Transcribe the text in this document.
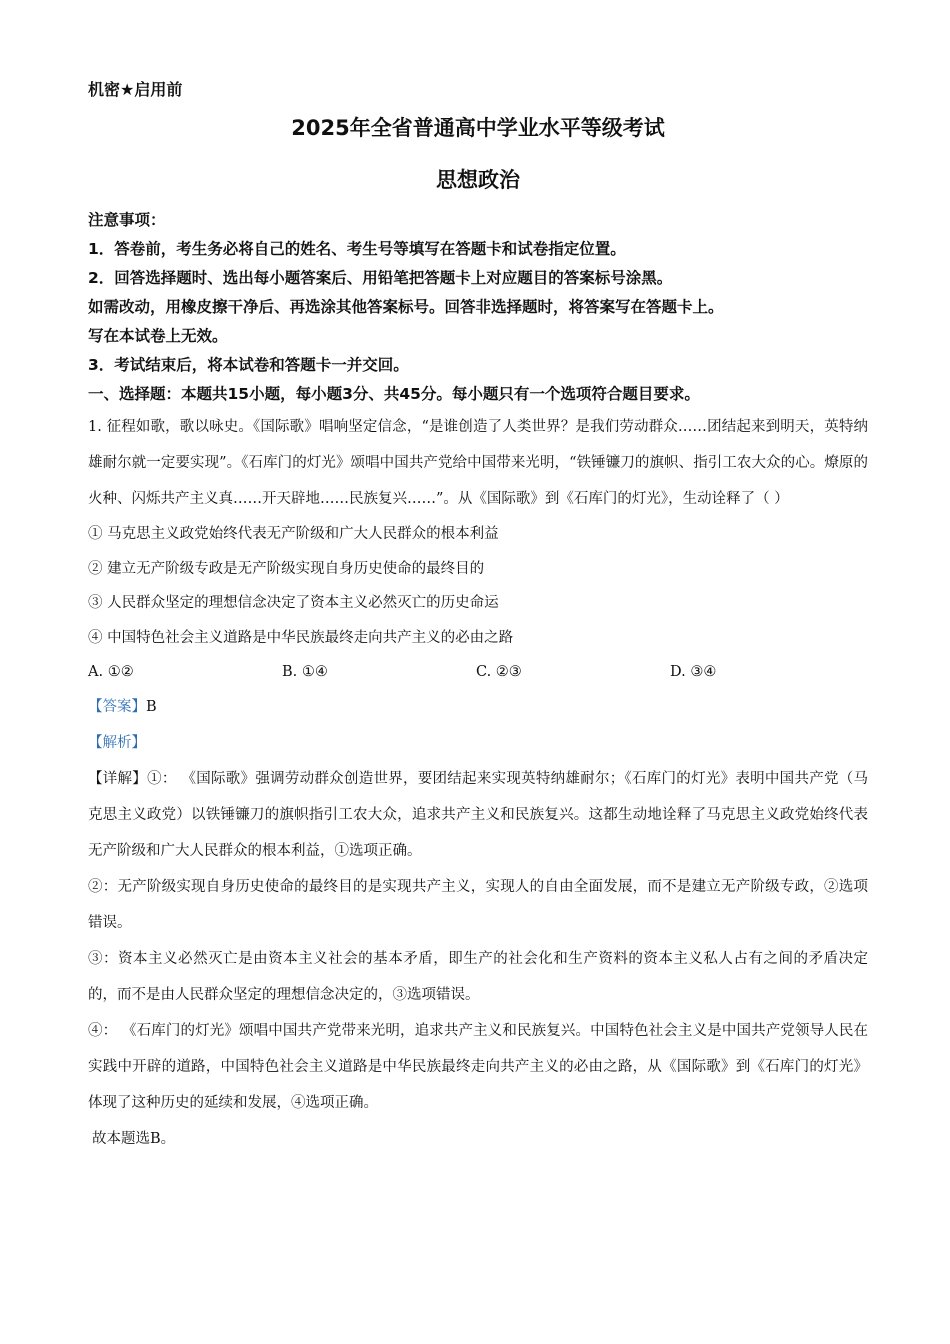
机密★启用前
2025年全省普通高中学业水平等级考试
思想政治
注意事项：
1．答卷前，考生务必将自己的姓名、考生号等填写在答题卡和试卷指定位置。
2．回答选择题时、选出每小题答案后、用铅笔把答题卡上对应题目的答案标号涂黑。
如需改动，用橡皮擦干净后、再选涂其他答案标号。回答非选择题时，将答案写在答题卡上。
写在本试卷上无效。
3．考试结束后，将本试卷和答题卡一并交回。
一、选择题：本题共15小题，每小题3分、共45分。每小题只有一个选项符合题目要求。
1. 征程如歌，歌以咏史。《国际歌》唱响坚定信念，“是谁创造了人类世界？是我们劳动群众……团结起来到明天，英特纳雄耐尔就一定要实现”。《石库门的灯光》颂唱中国共产党给中国带来光明，“铁锤镰刀的旗帜、指引工农大众的心。燎原的火种、闪烁共产主义真……开天辟地……民族复兴……”。从《国际歌》到《石库门的灯光》，生动诠释了（ ）
① 马克思主义政党始终代表无产阶级和广大人民群众的根本利益
② 建立无产阶级专政是无产阶级实现自身历史使命的最终目的
③ 人民群众坚定的理想信念决定了资本主义必然灭亡的历史命运
④ 中国特色社会主义道路是中华民族最终走向共产主义的必由之路
A. ①②	B. ①④	C. ②③	D. ③④
【答案】B
【解析】
【详解】①： 《国际歌》强调劳动群众创造世界，要团结起来实现英特纳雄耐尔；《石库门的灯光》表明中国共产党（马克思主义政党）以铁锤镰刀的旗帜指引工农大众，追求共产主义和民族复兴。这都生动地诠释了马克思主义政党始终代表无产阶级和广大人民群众的根本利益，①选项正确。
②：无产阶级实现自身历史使命的最终目的是实现共产主义，实现人的自由全面发展，而不是建立无产阶级专政，②选项错误。
③：资本主义必然灭亡是由资本主义社会的基本矛盾，即生产的社会化和生产资料的资本主义私人占有之间的矛盾决定的，而不是由人民群众坚定的理想信念决定的，③选项错误。
④： 《石库门的灯光》颂唱中国共产党带来光明，追求共产主义和民族复兴。中国特色社会主义是中国共产党领导人民在实践中开辟的道路，中国特色社会主义道路是中华民族最终走向共产主义的必由之路，从《国际歌》到《石库门的灯光》体现了这种历史的延续和发展，④选项正确。
故本题选B。
